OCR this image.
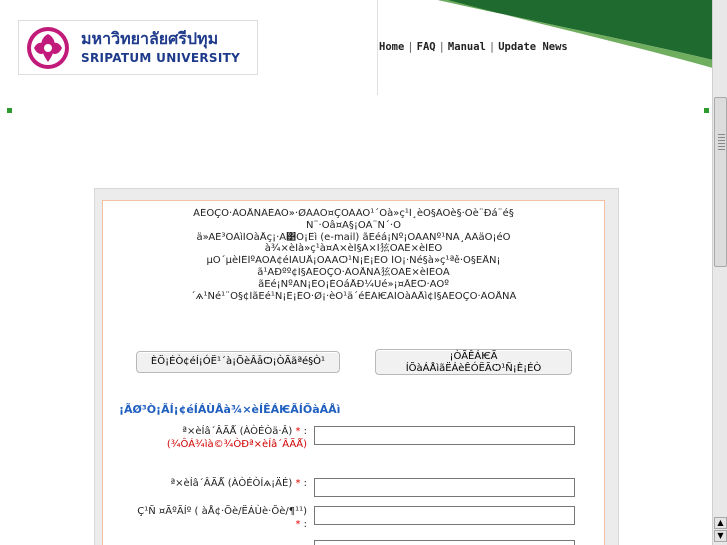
มหาวิทยาลัยศรีปทุม
SRIPATUM UNIVERSITY
Home | FAQ | Manual | Update News
ÁÉÒÇÔ·ÂÒÅÑÂÈÃÕ»·ØÁÁÕ¤ÇÒÁÂÔ¹´Õà»ç¹Í¸èÒ§ÂÔè§·Õè¨Ðá¨é§
Ñ¨·Ôâ¤Ã§¡ÒÃ¨Ñ´·Ó
ä»ÃÉ³ÕÂìÍÔàÅç¡·Ã͹Ô¡Êì (e-mail) ãËéá¡Ñº¡ÒÃÃÑº¹ÑÁ¸ÁÂäÓ¡éÒ
à¾×èÍà»ç¹à¤Ã×èÍ§Á×Í㹡ÒÃÊ×èÍÊÒ
µÔ´µèÍÊÍºÃÒÁ¢éÍÁÙÅ¡ÒÃÃѺ¹Ñ¡È¡ÉÒ ÍÕ¡·Ñé§à»ç¹ªèͧ·Ò§ËÅÑ¡
ã¹ÃÐºº¢Í§ÁËÒÇÔ·ÂÒÅÑÂ㹡ÒÃÊ×èÍÊÒÃ
ãËé¡ÑºÃÑ¡ÈÖ¡ÉÒáÅÐ¼Ùé»¡¤ÃͧÊѺ·ÃÒº
´ѧ¹Ñé¹¨Ö§¢ÍãËé¹Ñ¡È¡ÉÒ·Ø¡·èÒ¹ä´éÊÁѤÃÍÕàÁÅì¢Í§ÁËÒÇÔ·ÂÒÅÑÂ
ÈÖ¡ÉÒ¢éÍ¡ÓË¹´à¡ÕèÂǡѺ¡ÒÃãªé§Ò¹	¡ÒÃÊÁѤÃ
ÍÕàÁÅìãËÁèÊÓËÃѺ¹Ñ¡È¡ÉÒ
¡ÃØ³Ò¡ÃÍ¡¢éÍÁÙÅà¾×èÍÊÁѤÃÍÕàÁÅì
ª×èÍâ´ÂÃǺ (ÀÒÉÒä·Â) * :
(¾ÔÁ¾ìà©¾ÒÐª×èÍâ´ÂÃǺ)
ª×èÍâ´ÂÃǺ (ÀÒÉÒÍѧ¡ÄÉ) * :
Ç¹Ñ ¤ÃºÃÍº ( àÅ¢·Õè/ËÁÙè·Õè/¶¹¹)
* :	▲
▼
